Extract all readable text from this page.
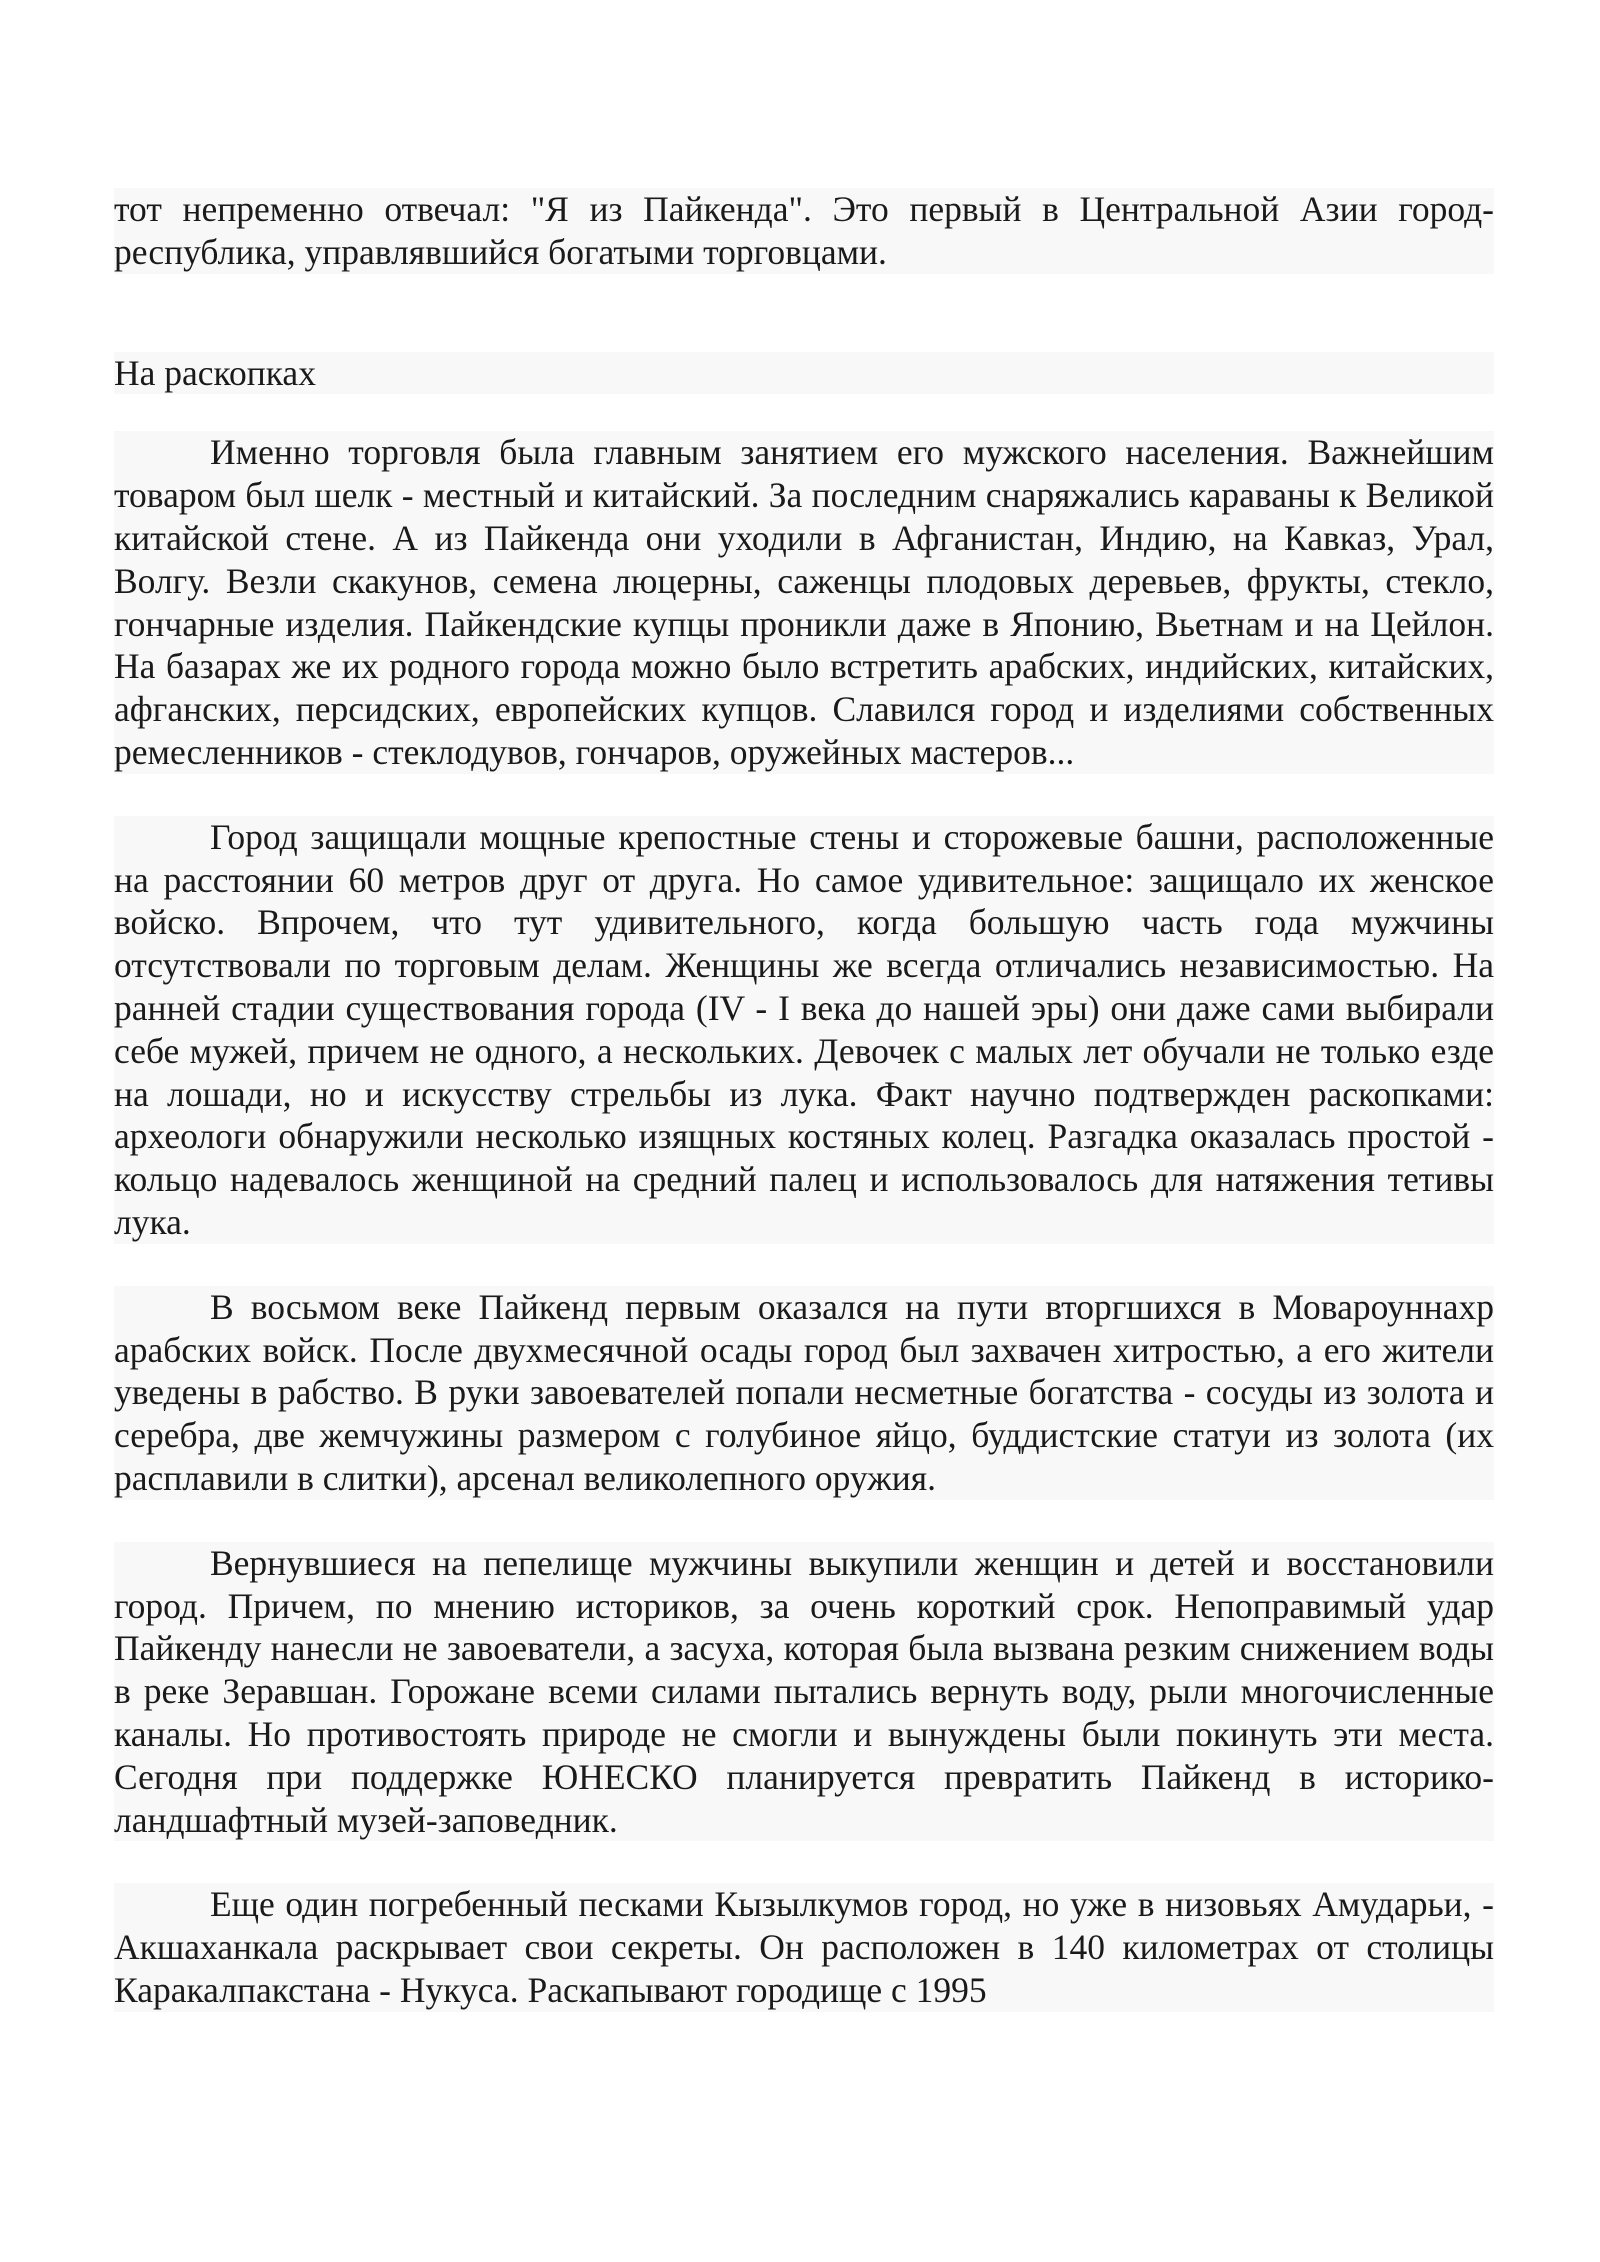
тот непременно отвечал: "Я из Пайкенда". Это первый в Центральной Азии город-республика, управлявшийся богатыми торговцами.

На раскопках

Именно торговля была главным занятием его мужского населения. Важнейшим товаром был шелк - местный и китайский. За последним снаряжались караваны к Великой китайской стене. А из Пайкенда они уходили в Афганистан, Индию, на Кавказ, Урал, Волгу. Везли скакунов, семена люцерны, саженцы плодовых деревьев, фрукты, стекло, гончарные изделия. Пайкендские купцы проникли даже в Японию, Вьетнам и на Цейлон. На базарах же их родного города можно было встретить арабских, индийских, китайских, афганских, персидских, европейских купцов. Славился город и изделиями собственных ремесленников - стеклодувов, гончаров, оружейных мастеров...

Город защищали мощные крепостные стены и сторожевые башни, расположенные на расстоянии 60 метров друг от друга. Но самое удивительное: защищало их женское войско. Впрочем, что тут удивительного, когда большую часть года мужчины отсутствовали по торговым делам. Женщины же всегда отличались независимостью. На ранней стадии существования города (IV - I века до нашей эры) они даже сами выбирали себе мужей, причем не одного, а нескольких. Девочек с малых лет обучали не только езде на лошади, но и искусству стрельбы из лука. Факт научно подтвержден раскопками: археологи обнаружили несколько изящных костяных колец. Разгадка оказалась простой - кольцо надевалось женщиной на средний палец и использовалось для натяжения тетивы лука.

В восьмом веке Пайкенд первым оказался на пути вторгшихся в Мовароуннахр арабских войск. После двухмесячной осады город был захвачен хитростью, а его жители уведены в рабство. В руки завоевателей попали несметные богатства - сосуды из золота и серебра, две жемчужины размером с голубиное яйцо, буддистские статуи из золота (их расплавили в слитки), арсенал великолепного оружия.

Вернувшиеся на пепелище мужчины выкупили женщин и детей и восстановили город. Причем, по мнению историков, за очень короткий срок. Непоправимый удар Пайкенду нанесли не завоеватели, а засуха, которая была вызвана резким снижением воды в реке Зеравшан. Горожане всеми силами пытались вернуть воду, рыли многочисленные каналы. Но противостоять природе не смогли и вынуждены были покинуть эти места. Сегодня при поддержке ЮНЕСКО планируется превратить Пайкенд в историко-ландшафтный музей-заповедник.

Еще один погребенный песками Кызылкумов город, но уже в низовьях Амударьи, - Акшаханкала раскрывает свои секреты. Он расположен в 140 километрах от столицы Каракалпакстана - Нукуса. Раскапывают городище с 1995
